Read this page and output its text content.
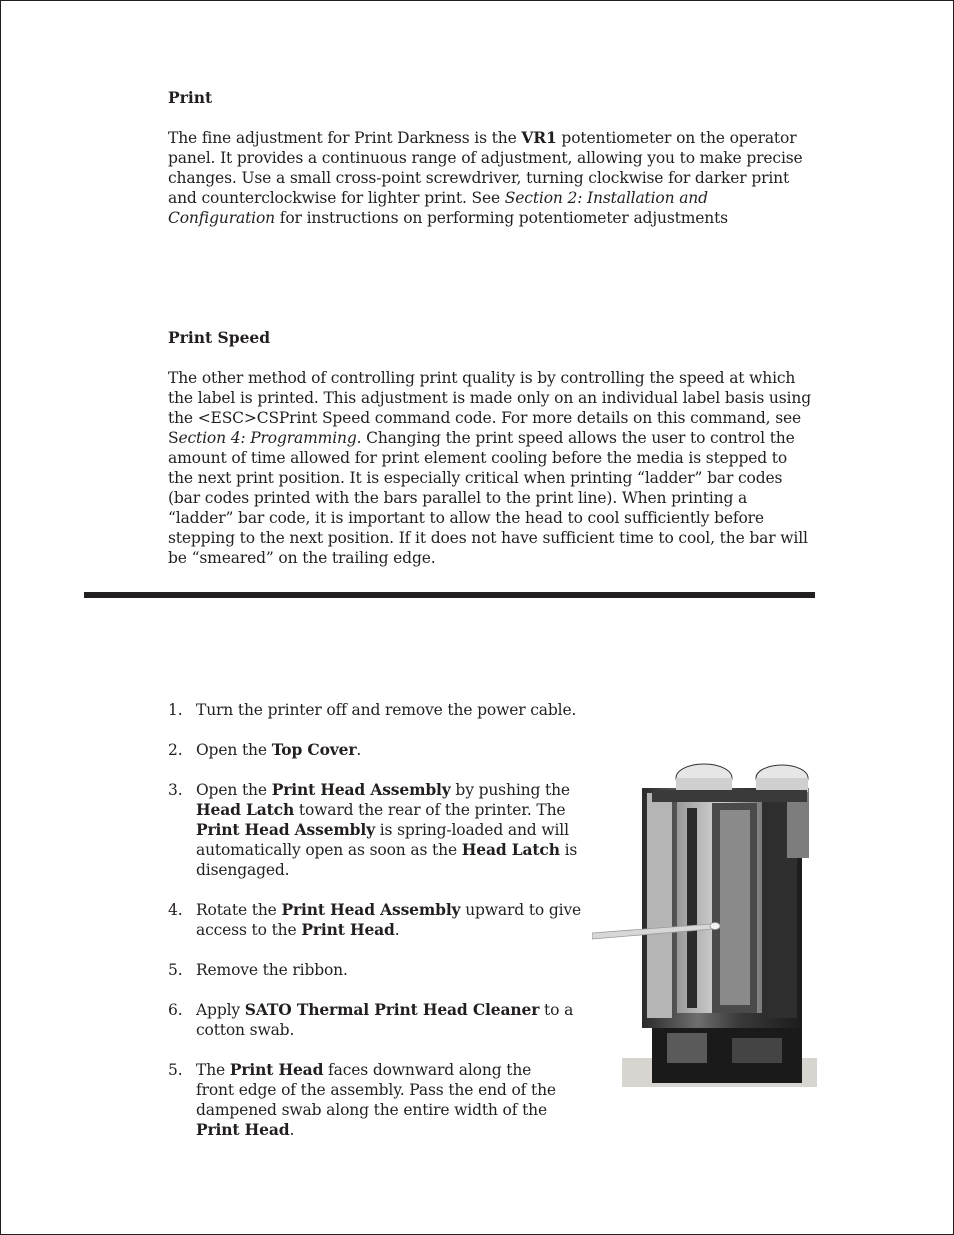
Print
The fine adjustment for Print Darkness is the VR1 potentiometer on the operator panel. It provides a continuous range of adjustment, allowing you to make precise changes. Use a small cross-point screwdriver, turning clockwise for darker print and counterclockwise for lighter print. See Section 2: Installation and Configuration for instructions on performing potentiometer adjustments
Print Speed
The other method of controlling print quality is by controlling the speed at which the label is printed. This adjustment is made only on an individual label basis using the <ESC>CSPrint Speed command code. For more details on this command, see Section 4: Programming. Changing the print speed allows the user to control the amount of time allowed for print element cooling before the media is stepped to the next print position. It is especially critical when printing “ladder” bar codes (bar codes printed with the bars parallel to the print line). When printing a “ladder” bar code, it is important to allow the head to cool sufficiently before stepping to the next position. If it does not have sufficient time to cool, the bar will be “smeared” on the trailing edge.
1. Turn the printer off and remove the power cable.
2. Open the Top Cover.
3. Open the Print Head Assembly by pushing the Head Latch toward the rear of the printer. The Print Head Assembly is spring-loaded and will automatically open as soon as the Head Latch is disengaged.
4. Rotate the Print Head Assembly upward to give access to the Print Head.
5. Remove the ribbon.
6. Apply SATO Thermal Print Head Cleaner to a cotton swab.
5. The Print Head faces downward along the front edge of the assembly. Pass the end of the dampened swab along the entire width of the Print Head.
